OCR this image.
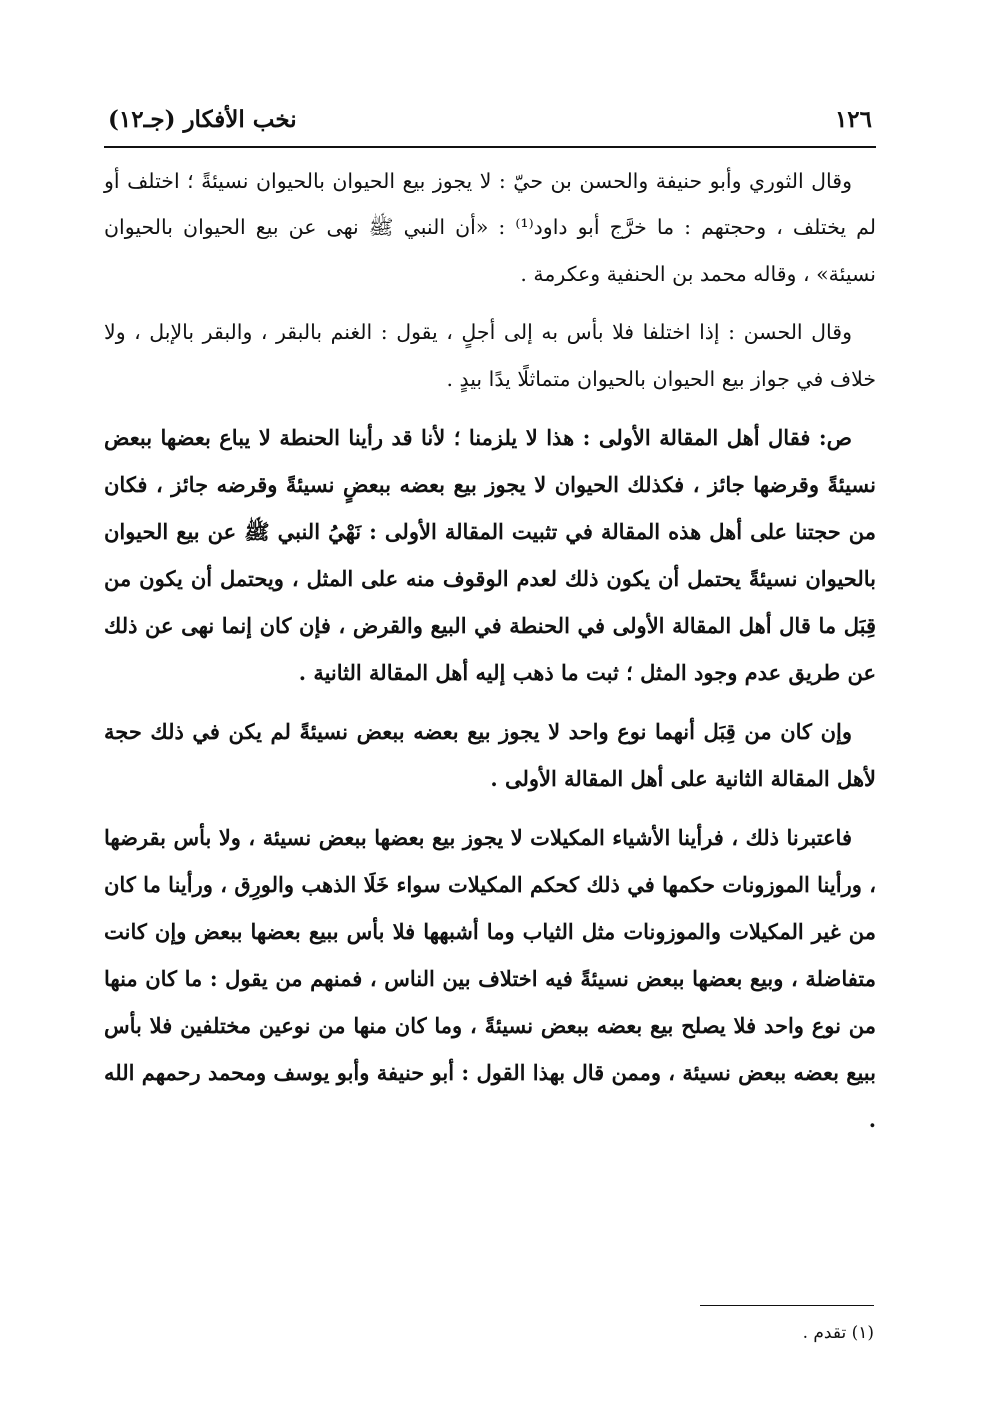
١٢٦
نخب الأفكار (جـ١٢)

وقال الثوري وأبو حنيفة والحسن بن حيّ : لا يجوز بيع الحيوان بالحيوان نسيئةً ؛ اختلف أو لم يختلف ، وحجتهم : ما خرَّج أبو داود⁽¹⁾ : «أن النبي ﷺ نهى عن بيع الحيوان بالحيوان نسيئة» ، وقاله محمد بن الحنفية وعكرمة .

وقال الحسن : إذا اختلفا فلا بأس به إلى أجلٍ ، يقول : الغنم بالبقر ، والبقر بالإبل ، ولا خلاف في جواز بيع الحيوان بالحيوان متماثلًا يدًا بيدٍ .

ص: فقال أهل المقالة الأولى : هذا لا يلزمنا ؛ لأنا قد رأينا الحنطة لا يباع بعضها ببعض نسيئةً وقرضها جائز ، فكذلك الحيوان لا يجوز بيع بعضه ببعضٍ نسيئةً وقرضه جائز ، فكان من حجتنا على أهل هذه المقالة في تثبيت المقالة الأولى : نَهْيُ النبي ﷺ عن بيع الحيوان بالحيوان نسيئةً يحتمل أن يكون ذلك لعدم الوقوف منه على المثل ، ويحتمل أن يكون من قِبَل ما قال أهل المقالة الأولى في الحنطة في البيع والقرض ، فإن كان إنما نهى عن ذلك عن طريق عدم وجود المثل ؛ ثبت ما ذهب إليه أهل المقالة الثانية .

وإن كان من قِبَل أنهما نوع واحد لا يجوز بيع بعضه ببعض نسيئةً لم يكن في ذلك حجة لأهل المقالة الثانية على أهل المقالة الأولى .

فاعتبرنا ذلك ، فرأينا الأشياء المكيلات لا يجوز بيع بعضها ببعض نسيئة ، ولا بأس بقرضها ، ورأينا الموزونات حكمها في ذلك كحكم المكيلات سواء خَلَا الذهب والورِق ، ورأينا ما كان من غير المكيلات والموزونات مثل الثياب وما أشبهها فلا بأس ببيع بعضها ببعض وإن كانت متفاضلة ، وبيع بعضها ببعض نسيئةً فيه اختلاف بين الناس ، فمنهم من يقول : ما كان منها من نوع واحد فلا يصلح بيع بعضه ببعض نسيئةً ، وما كان منها من نوعين مختلفين فلا بأس ببيع بعضه ببعض نسيئة ، وممن قال بهذا القول : أبو حنيفة وأبو يوسف ومحمد رحمهم الله .

(١) تقدم .
